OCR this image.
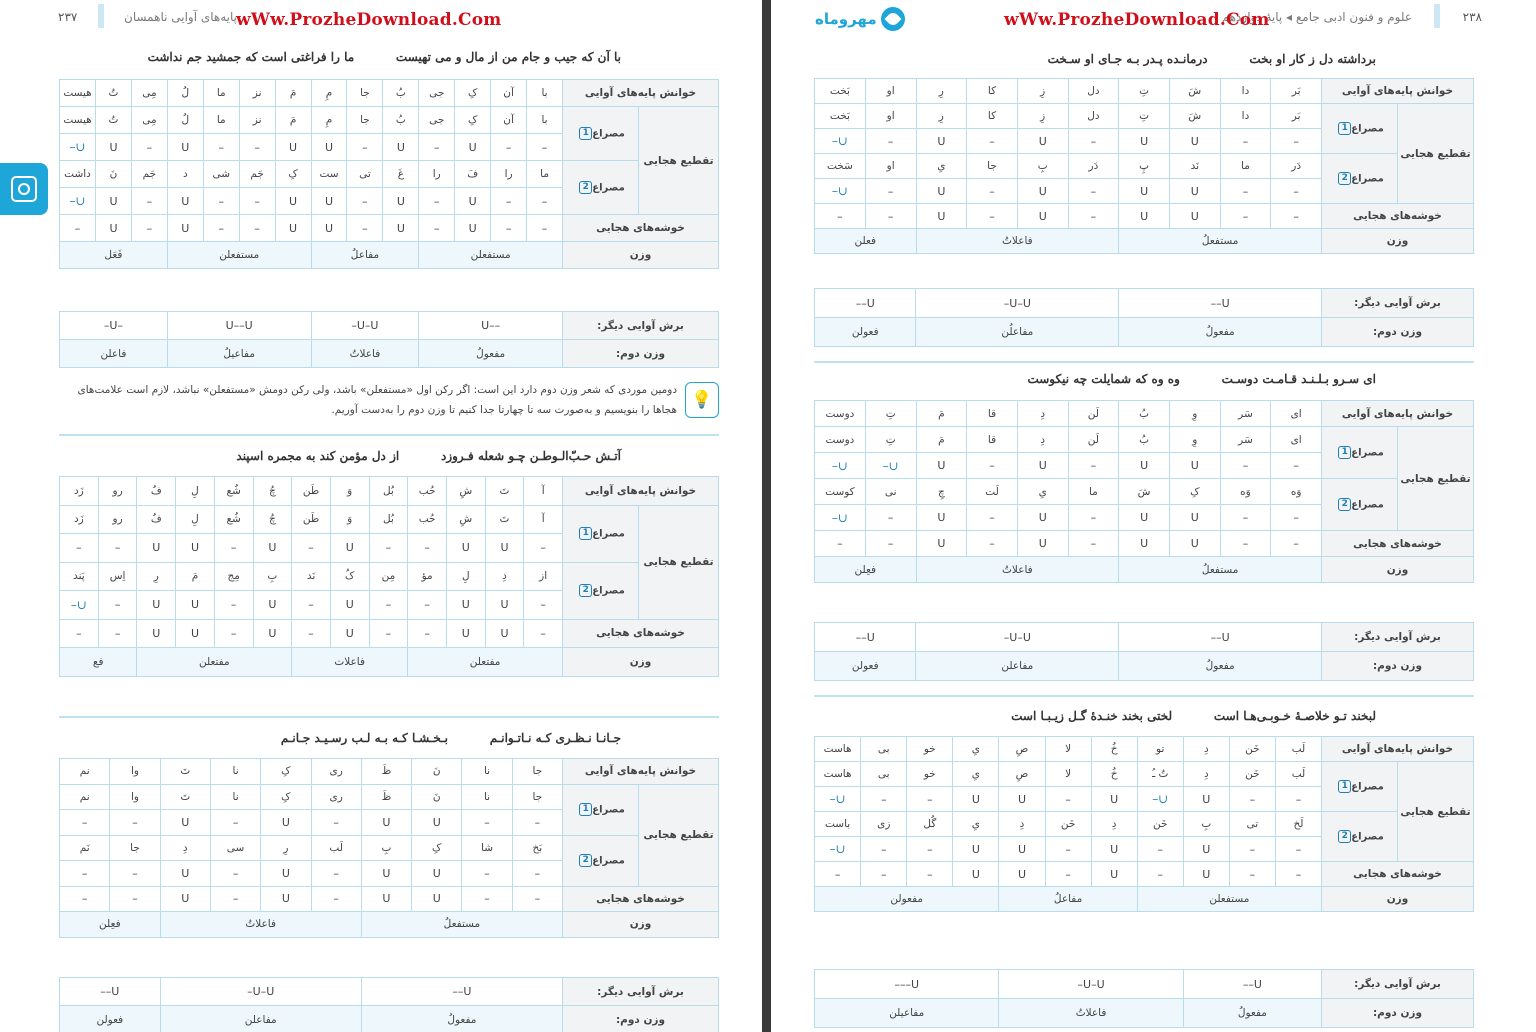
۲۳۷	پایه‌های آوایی ناهمسان
wWw.ProzheDownload.Com
با آن که جیب و جام من از مال و می تهیست          ما را فراغتی است که جمشید جم نداشت
خوانش پایه‌های آوایی		با	آن	کِ	جی	بُ	جا	مِ	مَ	نز	ما	لُ	مِی	تُ	هیست
تقطیع هجایی	مصراع1	با	آن	کِ	جی	بُ	جا	مِ	مَ	نز	ما	لُ	مِی	تُ	هیست
		–	–	U	–	U	–	U	U	–	–	U	–	U	∪–
	مصراع2	ما	را	فَ	را	غَ	تی	ست	کِ	جَم	شی	د	جَم	نَ	داشت
		–	–	U	–	U	–	U	U	–	–	U	–	U	∪–
خوشه‌های هجایی		–	–	U	–	U	–	U	U	–	–	U	–	U	–
وزن		مستفعلن				مفاعلُ			مستفعلن				فَعَل		
برش آوایی دیگر:	––U	U–U–	U––U	–U–
وزن دوم:	مفعولُ	فاعلاتُ	مفاعیلُ	فاعلن
آتـش حـبّ‌الـوطـن چـو شعله فـروزد          از دل مؤمن کند به مجمره اسپند
خوانش پایه‌های آوایی		آ	تَ	شِ	حُب	بُل	وَ	طَن	چُ	شُع	لِ	فُ	رو	زَد
تقطیع هجایی	مصراع1	آ	تَ	شِ	حُب	بُل	وَ	طَن	چُ	شُع	لِ	فُ	رو	زَد
		–	U	U	–	–	U	–	U	–	U	U	–	–
	مصراع2	از	دِ	لِ	مؤ	مِن	کُ	نَد	بِ	مِج	مَ	رِ	اِس	پَند
		–	U	U	–	–	U	–	U	–	U	U	–	∪–
خوشه‌های هجایی		–	U	U	–	–	U	–	U	–	U	U	–	–
وزن		مفتعلن				فاعلات			مفتعلن				فع	
جـانـا نـظـری کـه نـاتـوانـم          بـخـشـا کـه بـه لـب رسـیـد جـانـم
خوانش پایه‌های آوایی		جا	نا	نَ	ظَ	ری	کِ	نا	تَ	وا	نم
تقطیع هجایی	مصراع1	جا	نا	نَ	ظَ	ری	کِ	نا	تَ	وا	نم
		–	–	U	U	–	U	–	U	–	–
	مصراع2	بَخ	شا	کِ	بِ	لَب	رِ	سی	دِ	جا	نَم
		–	–	U	U	–	U	–	U	–	–
خوشه‌های هجایی		–	–	U	U	–	U	–	U	–	–
وزن		مستفعلُ				فاعلاتُ				فعِلن	
برش آوایی دیگر:	U––	U–U–	U––
وزن دوم:	مفعولُ	مفاعلن	فعولن
💡
دومین موردی که شعر وزن دوم دارد این است: اگر رکن اول «مستفعلن» باشد، ولی رکن دومش «مستفعلن» نباشد، لازم است علامت‌های هجاها را بنویسیم و به‌صورت سه تا چهارتا جدا کنیم تا وزن دوم را به‌دست آوریم.
۲۳۸
علوم و فنون ادبی جامع ◂ پایهٔ دوازدهم
wWw.ProzheDownload.Com
مهروماه
برداشته دل ز کار او بخت          درمانـده پـدر بـه جـای او سـخت
خوانش پایه‌های آوایی		بَر	دا	شَ	تِ	دل	زِ	کا	رِ	او	بَخت
تقطیع هجایی	مصراع1	بَر	دا	شَ	تِ	دل	زِ	کا	رِ	او	بَخت
		–	–	U	U	–	U	–	U	–	∪–
	مصراع2	دَر	ما	نَد	پِ	دَر	بِ	جا	یِ	او	سَخت
		–	–	U	U	–	U	–	U	–	∪–
خوشه‌های هجایی		–	–	U	U	–	U	–	U	–	–
وزن		مستفعلُ				فاعلاتُ				فعلن	
برش آوایی دیگر:	U––	U–U–	U––
وزن دوم:	مفعولُ	مفاعلُن	فعولن
ای سـرو بـلـنـد قـامـت دوسـت          وه وه که شمایلت چه نیکوست
خوانش پایه‌های آوایی		ای	سَر	وِ	بُ	لَن	دِ	قا	مَ	تِ	دوست
تقطیع هجایی	مصراع1	ای	سَر	وِ	بُ	لَن	دِ	قا	مَ	تِ	دوست
		–	–	U	U	–	U	–	U	∪–	∪–
	مصراع2	وَه	وَه	کِ	شَ	ما	یِ	لَت	چِ	نی	کوست
		–	–	U	U	–	U	–	U	–	∪–
خوشه‌های هجایی		–	–	U	U	–	U	–	U	–	–
وزن		مستفعلُ				فاعلاتُ				فعِلن	
برش آوایی دیگر:	U––	U–U–	U––
وزن دوم:	مفعولُ	مفاعلن	فعولن
لبخند تـو خلاصـهٔ خـوبـی‌هـا است          لختی بخند خنـدهٔ گـل زیـبـا است
خوانش پایه‌های آوایی		لَب	خَن	دِ	تو	خُ	لا	صِ	یِ	خو	بی	هاست
تقطیع هجایی	مصراع1	لَب	خَن	دِ	تُ ـُ	خُ	لا	صِ	یِ	خو	بی	هاست
		–	–	U	∪–	U	–	U	U	–	–	∪–
	مصراع2	لَخ	تی	بِ	خَن	دِ	خَن	دِ	یِ	گُل	زی	باست
		–	–	U	–	U	–	U	U	–	–	∪–
خوشه‌های هجایی		–	–	U	–	U	–	U	U	–	–	–
وزن		مستفعلن				مفاعلُ			مفعولن			
برش آوایی دیگر:	U––	U–U–	U–––
وزن دوم:	مفعولُ	فاعلاتُ	مفاعیلن
